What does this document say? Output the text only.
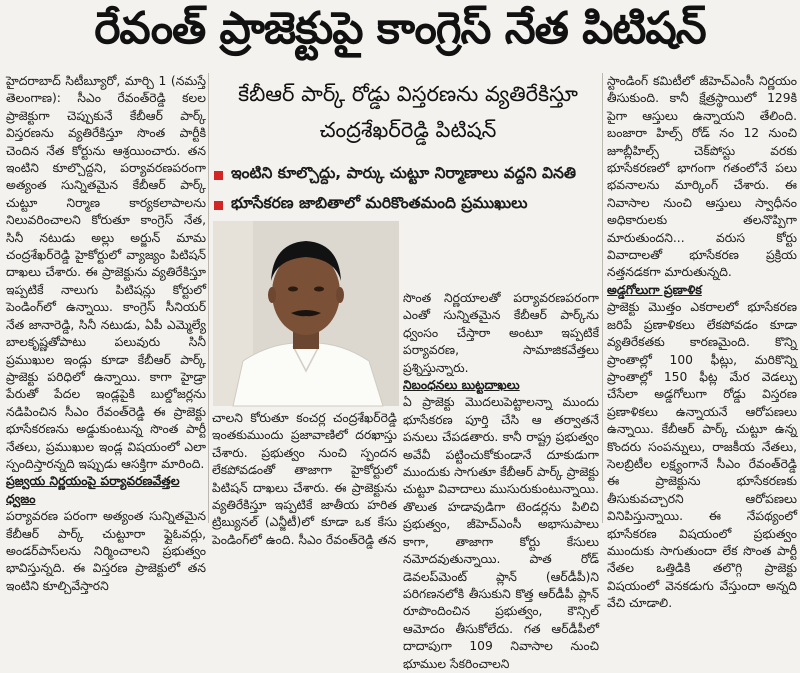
రేవంత్ ప్రాజెక్టుపై కాంగ్రెస్ నేత పిటిషన్

హైదరాబాద్ సిటీబ్యూరో, మార్చి 1 (నమస్తే తెలంగాణ): సీఎం రేవంత్‌రెడ్డి కలల ప్రాజెక్టుగా చెప్పుకునే కేబీఆర్ పార్క్ విస్తరణను వ్యతిరేకిస్తూ సొంత పార్టీకి చెందిన నేత కోర్టును ఆశ్రయించారు. తన ఇంటిని కూల్చొద్దని, పర్యావరణపరంగా అత్యంత సున్నితమైన కేబీఆర్ పార్క్ చుట్టూ నిర్మాణ కార్యకలాపాలను నిలువరించాలని కోరుతూ కాంగ్రెస్ నేత, సినీ నటుడు అల్లు అర్జున్ మామ చంద్రశేఖర్‌రెడ్డి హైకోర్టులో వ్యాజ్యం పిటిషన్ దాఖలు చేశారు. ఈ ప్రాజెక్టును వ్యతిరేకిస్తూ ఇప్పటికే నాలుగు పిటిషన్లు కోర్టులో పెండింగ్‌లో ఉన్నాయి. కాంగ్రెస్ సీనియర్ నేత జానారెడ్డి, సినీ నటుడు, ఏపీ ఎమ్మెల్యే బాలకృష్ణతోపాటు పలువురు సినీ ప్రముఖుల ఇండ్లు కూడా కేబీఆర్ పార్క్ ప్రాజెక్టు పరిధిలో ఉన్నాయి. కాగా హైడ్రా పేరుతో పేదల ఇండ్లపైకి బుల్డోజర్లను నడిపించిన సీఎం రేవంత్‌రెడ్డి ఈ ప్రాజెక్టు భూసేకరణను అడ్డుకుంటున్న సొంత పార్టీ నేతలు, ప్రముఖుల ఇండ్ల విషయంలో ఎలా స్పందిస్తారన్నది ఇప్పుడు ఆసక్తిగా మారింది.

ప్రజ్వయ నిర్ణయంపై పర్యావరణవేత్తల ధ్వజం

పర్యావరణ పరంగా అత్యంత సున్నితమైన కేబీఆర్ పార్క్ చుట్టూరా ఫ్లైఓవర్లు, అండర్‌పాస్‌లను నిర్మించాలని ప్రభుత్వం భావిస్తున్నది. ఈ విస్తరణ ప్రాజెక్టులో తన ఇంటిని కూల్చివేస్తారని

కేబీఆర్ పార్క్ రోడ్డు విస్తరణను వ్యతిరేకిస్తూ
చంద్రశేఖర్‌రెడ్డి పిటిషన్
ఇంటిని కూల్చొద్దు, పార్కు చుట్టూ నిర్మాణాలు వద్దని వినతి
భూసేకరణ జాబితాలో మరికొంతమంది ప్రముఖులు

చాలని కోరుతూ కంచర్ల చంద్రశేఖర్‌రెడ్డి ఇంతకుముందు ప్రజావాణిలో దరఖాస్తు చేశారు. ప్రభుత్వం నుంచి స్పందన లేకపోవడంతో తాజాగా హైకోర్టులో పిటిషన్ దాఖలు చేశారు. ఈ ప్రాజెక్టును వ్యతిరేకిస్తూ ఇప్పటికే జాతీయ హరిత ట్రిబ్యునల్ (ఎన్జీటీ)లో కూడా ఒక కేసు పెండింగ్‌లో ఉంది. సీఎం రేవంత్‌రెడ్డి తన

సొంత నిర్ణయాలతో పర్యావరణపరంగా ఎంతో సున్నితమైన కేబీఆర్ పార్క్‌ను ధ్వంసం చేస్తారా అంటూ ఇప్పటికే పర్యావరణ, సామాజికవేత్తలు ప్రశ్నిస్తున్నారు.

నిబంధనలు బుట్టదాఖలు

ఏ ప్రాజెక్టు మొదలుపెట్టాలన్నా ముందు భూసేకరణ పూర్తి చేసి ఆ తర్వాతనే పనులు చేపడతారు. కానీ రాష్ట్ర ప్రభుత్వం అవేవీ పట్టించుకోకుండానే దూకుడుగా ముందుకు సాగుతూ కేబీఆర్ పార్క్ ప్రాజెక్టు చుట్టూ వివాదాలు ముసురుకుంటున్నాయి. తొలుత హడావుడిగా టెండర్లను పిలిచి ప్రభుత్వం, జీహెచ్ఎంసీ అభాసుపాలు కాగా, తాజాగా కోర్టు కేసులు నమోదవుతున్నాయి. పాత రోడ్ డెవలప్‌మెంట్ ప్లాన్ (ఆర్‌డీపీ)ని పరిగణనలోకి తీసుకుని కొత్త ఆర్‌డీపీ ప్లాన్ రూపొందించిన ప్రభుత్వం, కౌన్సిల్‌ ఆమోదం తీసుకోలేదు. గత ఆర్‌డీపీలో దాదాపుగా 109 నివాసాల నుంచి భూముల సేకరించాలని

స్టాండింగ్ కమిటీలో జీహెచ్ఎంసీ నిర్ణయం తీసుకుంది. కానీ క్షేత్రస్థాయిలో 129కి పైగా ఆస్తులు ఉన్నాయని తేలింది. బంజారా హిల్స్ రోడ్ నం 12 నుంచి జూబ్లీహిల్స్ చెక్‌పోస్టు వరకు భూసేకరణలో భాగంగా గతంలోనే పలు భవనాలను మార్కింగ్ చేశారు. ఈ నివాసాల నుంచి ఆస్తులు స్వాధీనం అధికారులకు తలనొప్పిగా మారుతుందని... వరుస కోర్టు వివాదాలతో భూసేకరణ ప్రక్రియ నత్తనడకగా మారుతున్నది.

అడ్డగోలుగా ప్రణాళిక

ప్రాజెక్టు మొత్తం ఎకరాలలో భూసేకరణ జరిపే ప్రణాళికలు లేకపోవడం కూడా వ్యతిరేకతకు కారణమైంది. కొన్ని ప్రాంతాల్లో 100 ఫీట్లు, మరికొన్ని ప్రాంతాల్లో 150 ఫీట్ల మేర వెడల్పు చేసేలా అడ్డగోలుగా రోడ్డు విస్తరణ ప్రణాళికలు ఉన్నాయనే ఆరోపణలు ఉన్నాయి. కేబీఆర్ పార్క్ చుట్టూ ఉన్న కొందరు సంపన్నులు, రాజకీయ నేతలు, సెలబ్రిటీల లక్ష్యంగానే సీఎం రేవంత్‌రెడ్డి ఈ ప్రాజెక్టును భూసేకరణకు తీసుకువచ్చారని ఆరోపణలు వినిపిస్తున్నాయి. ఈ నేపథ్యంలో భూసేకరణ విషయంలో ప్రభుత్వం ముందుకు సాగుతుందా లేక సొంత పార్టీ నేతల ఒత్తిడికి తలొగ్గి ప్రాజెక్టు విషయంలో వెనకడుగు వేస్తుందా అన్నది వేచి చూడాలి.
